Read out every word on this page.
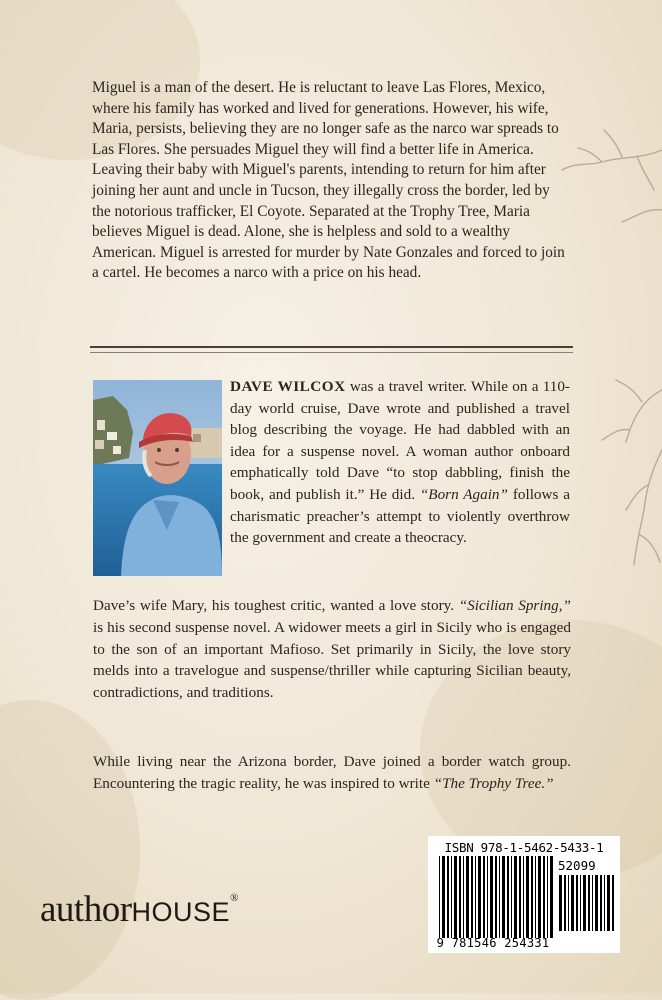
Miguel is a man of the desert. He is reluctant to leave Las Flores, Mexico, where his family has worked and lived for generations. However, his wife, Maria, persists, believing they are no longer safe as the narco war spreads to Las Flores. She persuades Miguel they will find a better life in America. Leaving their baby with Miguel's parents, intending to return for him after joining her aunt and uncle in Tucson, they illegally cross the border, led by the notorious trafficker, El Coyote. Separated at the Trophy Tree, Maria believes Miguel is dead. Alone, she is helpless and sold to a wealthy American. Miguel is arrested for murder by Nate Gonzales and forced to join a cartel. He becomes a narco with a price on his head.

DAVE WILCOX was a travel writer. While on a 110-day world cruise, Dave wrote and published a travel blog describing the voyage. He had dabbled with an idea for a suspense novel. A woman author onboard emphatically told Dave “to stop dabbling, finish the book, and publish it.” He did. “Born Again” follows a charismatic preacher’s attempt to violently overthrow the government and create a theocracy.

Dave’s wife Mary, his toughest critic, wanted a love story. “Sicilian Spring,” is his second suspense novel. A widower meets a girl in Sicily who is engaged to the son of an important Mafioso. Set primarily in Sicily, the love story melds into a travelogue and suspense/thriller while capturing Sicilian beauty, contradictions, and traditions.

While living near the Arizona border, Dave joined a border watch group. Encountering the tragic reality, he was inspired to write “The Trophy Tree.”

authorHOUSE®
ISBN 978-1-5462-5433-1
52099
9 781546 254331
